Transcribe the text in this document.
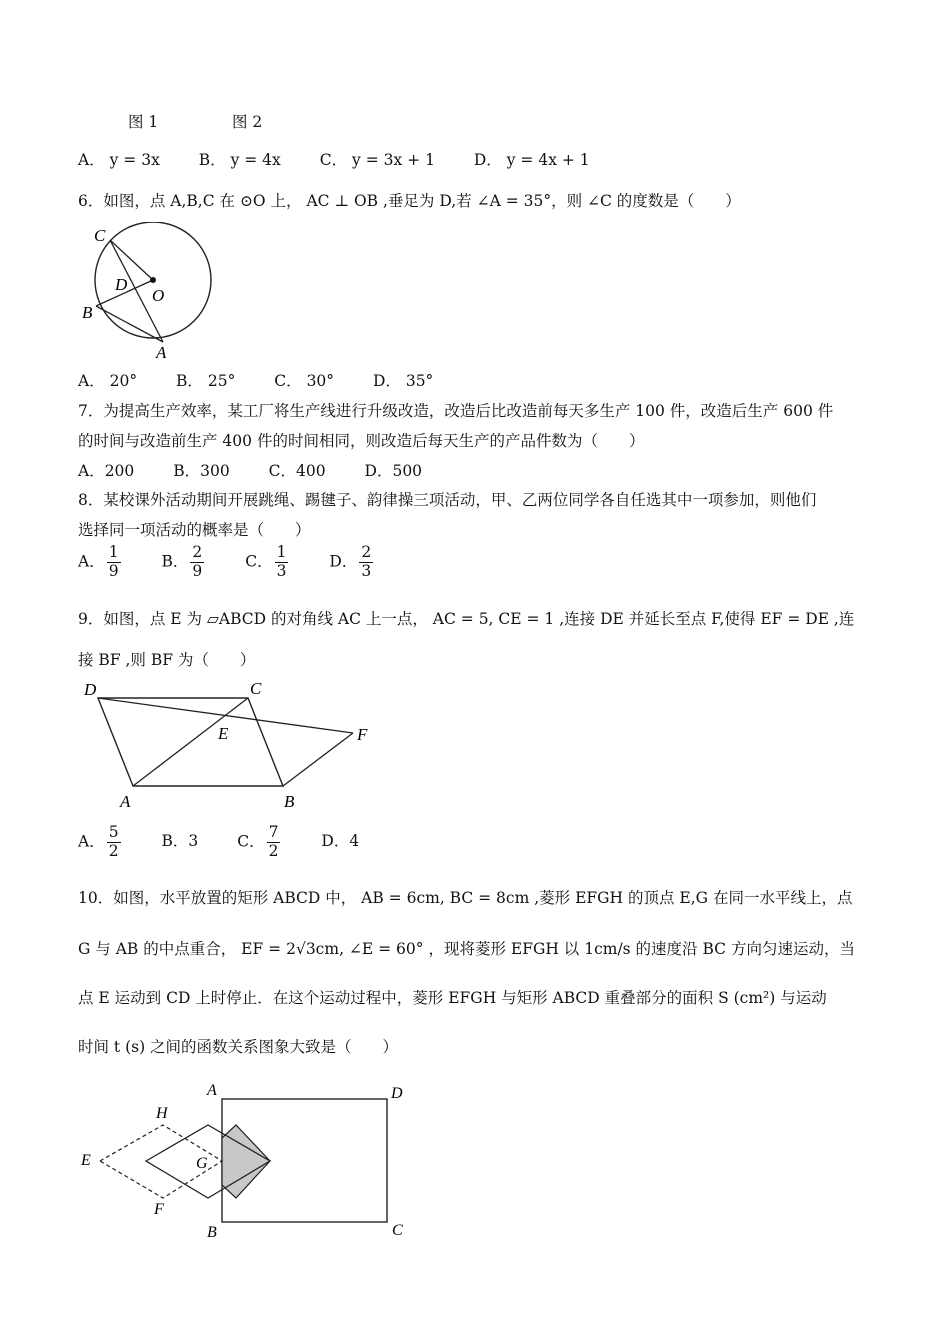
图 1	图 2
A． y = 3x	B． y = 4x	C． y = 3x + 1	D． y = 4x + 1
6．如图，点 A,B,C 在 ⊙O 上， AC ⊥ OB ,垂足为 D,若 ∠A = 35°，则 ∠C 的度数是（　　）
C
D
O
B
A
A． 20°	B． 25°	C． 30°	D． 35°
7．为提高生产效率，某工厂将生产线进行升级改造，改造后比改造前每天多生产 100 件，改造后生产 600 件
的时间与改造前生产 400 件的时间相同，则改造后每天生产的产品件数为（　　）
A．200	B．300	C．400	D．500
8．某校课外活动期间开展跳绳、踢毽子、韵律操三项活动，甲、乙两位同学各自任选其中一项参加，则他们
选择同一项活动的概率是（　　）
A． $\frac{1}{9}$	B． $\frac{2}{9}$	C． $\frac{1}{3}$	D． $\frac{2}{3}$
9．如图，点 E 为 ▱ABCD 的对角线 AC 上一点， AC = 5, CE = 1 ,连接 DE 并延长至点 F,使得 EF = DE ,连
接 BF ,则 BF 为（　　）
D	C
E	F
A	B
A． $\frac{5}{2}$	B．3	C． $\frac{7}{2}$	D．4
10．如图，水平放置的矩形 ABCD 中， AB = 6cm, BC = 8cm ,菱形 EFGH 的顶点 E,G 在同一水平线上，点
G 与 AB 的中点重合， EF = 2√3cm, ∠E = 60° ，现将菱形 EFGH 以 1cm/s 的速度沿 BC 方向匀速运动，当
点 E 运动到 CD 上时停止．在这个运动过程中，菱形 EFGH 与矩形 ABCD 重叠部分的面积 S (cm²) 与运动
时间 t (s) 之间的函数关系图象大致是（　　）
A	D
H
E	G
F
B	C
